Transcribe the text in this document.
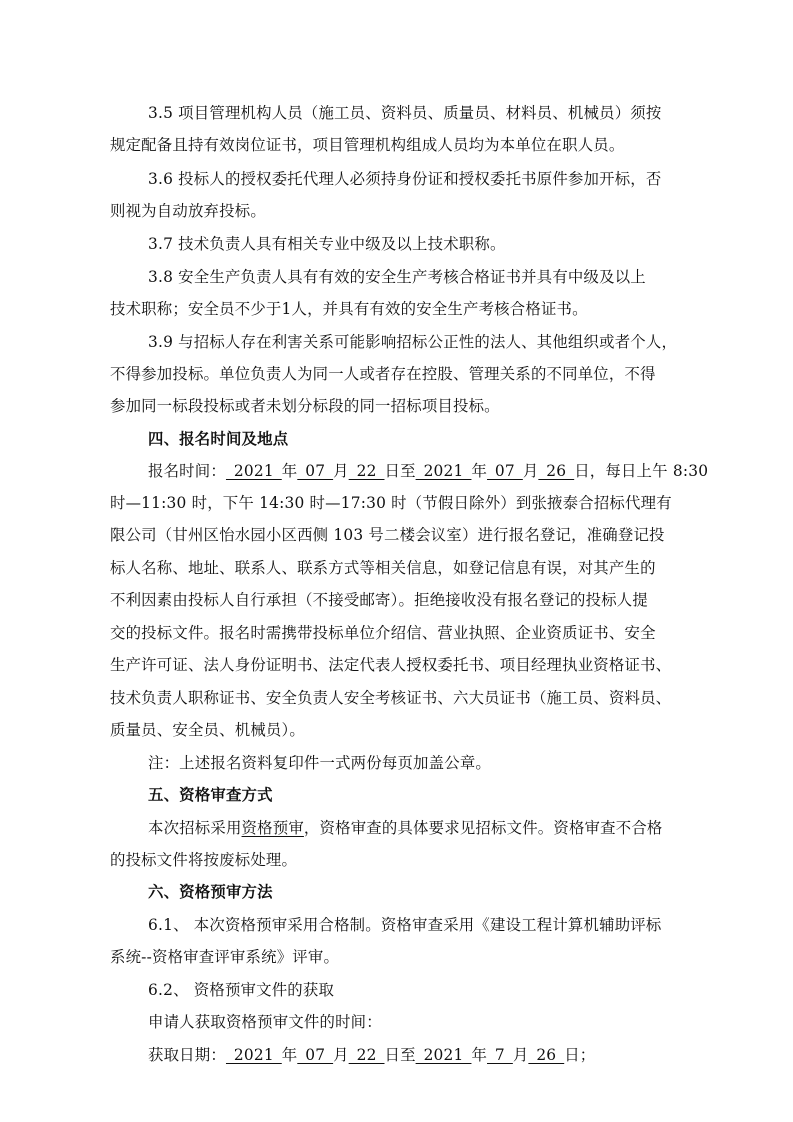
3.5 项目管理机构人员（施工员、资料员、质量员、材料员、机械员）须按
规定配备且持有效岗位证书，项目管理机构组成人员均为本单位在职人员。
3.6 投标人的授权委托代理人必须持身份证和授权委托书原件参加开标，否
则视为自动放弃投标。
3.7 技术负责人具有相关专业中级及以上技术职称。
3.8 安全生产负责人具有有效的安全生产考核合格证书并具有中级及以上
技术职称；安全员不少于1人，并具有有效的安全生产考核合格证书。
3.9 与招标人存在利害关系可能影响招标公正性的法人、其他组织或者个人，
不得参加投标。单位负责人为同一人或者存在控股、管理关系的不同单位，不得
参加同一标段投标或者未划分标段的同一招标项目投标。
四、报名时间及地点
报名时间：_2021_年_07_月_22_日至_2021_年_07_月_26_日，每日上午 8:30
时—11:30 时，下午 14:30 时—17:30 时（节假日除外）到张掖泰合招标代理有
限公司（甘州区怡水园小区西侧 103 号二楼会议室）进行报名登记，准确登记投
标人名称、地址、联系人、联系方式等相关信息，如登记信息有误，对其产生的
不利因素由投标人自行承担（不接受邮寄）。拒绝接收没有报名登记的投标人提
交的投标文件。报名时需携带投标单位介绍信、营业执照、企业资质证书、安全
生产许可证、法人身份证明书、法定代表人授权委托书、项目经理执业资格证书、
技术负责人职称证书、安全负责人安全考核证书、六大员证书（施工员、资料员、
质量员、安全员、机械员）。
注：上述报名资料复印件一式两份每页加盖公章。
五、资格审查方式
本次招标采用资格预审，资格审查的具体要求见招标文件。资格审查不合格
的投标文件将按废标处理。
六、资格预审方法
6.1、 本次资格预审采用合格制。资格审查采用《建设工程计算机辅助评标
系统--资格审查评审系统》评审。
6.2、 资格预审文件的获取
申请人获取资格预审文件的时间：
获取日期：_2021_年_07_月_22_日至_2021_年_7_月_26_日；
